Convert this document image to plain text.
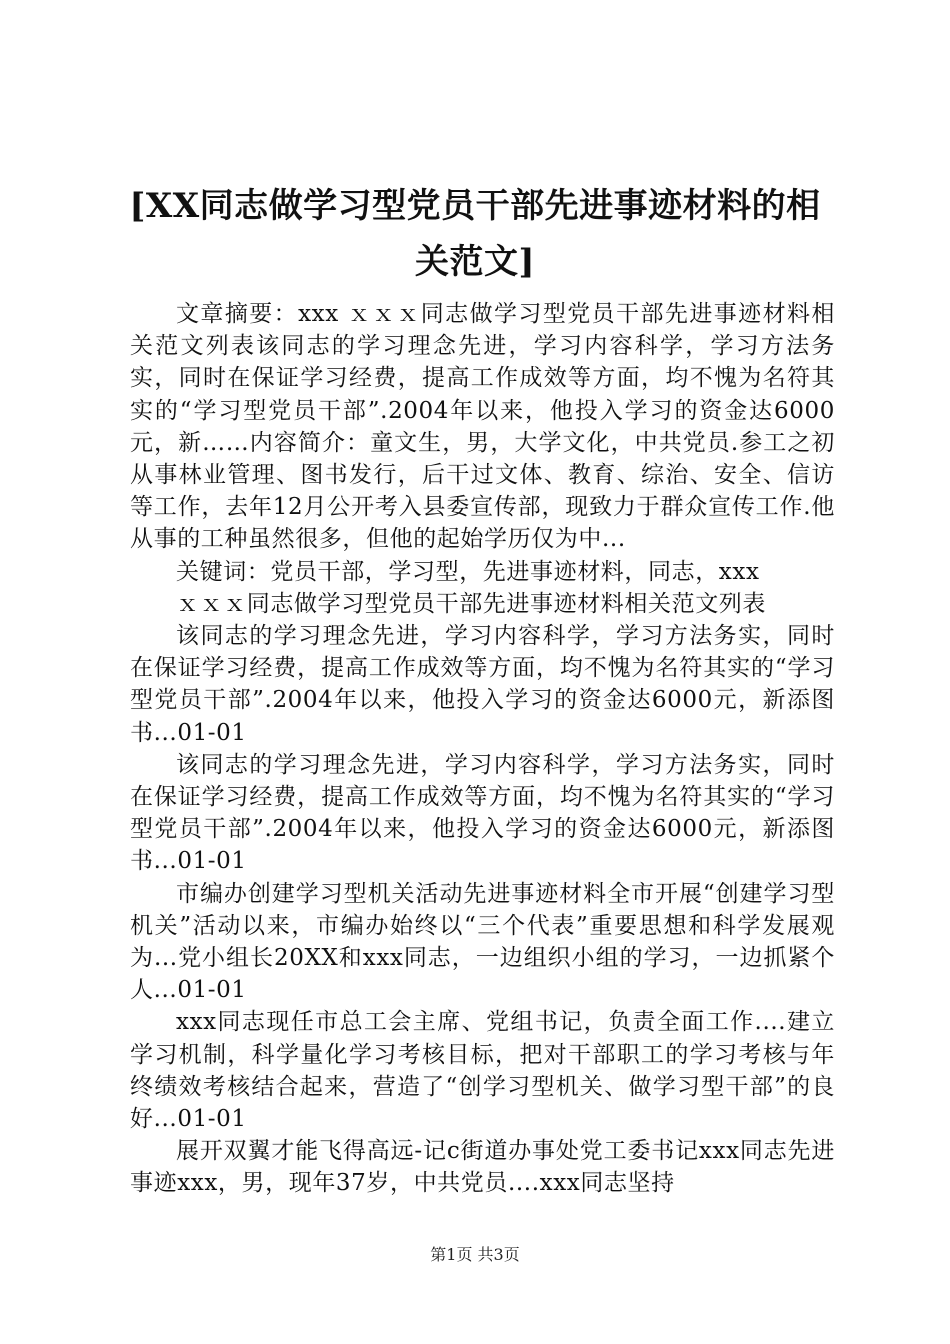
[XX同志做学习型党员干部先进事迹材料的相关范文]

文章摘要：xxx ｘｘｘ同志做学习型党员干部先进事迹材料相关范文列表该同志的学习理念先进，学习内容科学，学习方法务实，同时在保证学习经费，提高工作成效等方面，均不愧为名符其实的“学习型党员干部”.2004年以来，他投入学习的资金达6000元，新……内容简介：童文生，男，大学文化，中共党员.参工之初从事林业管理、图书发行，后干过文体、教育、综治、安全、信访等工作，去年12月公开考入县委宣传部，现致力于群众宣传工作.他从事的工种虽然很多，但他的起始学历仅为中...

关键词：党员干部，学习型，先进事迹材料，同志，xxx

ｘｘｘ同志做学习型党员干部先进事迹材料相关范文列表

该同志的学习理念先进，学习内容科学，学习方法务实，同时在保证学习经费，提高工作成效等方面，均不愧为名符其实的“学习型党员干部”.2004年以来，他投入学习的资金达6000元，新添图书...01-01

该同志的学习理念先进，学习内容科学，学习方法务实，同时在保证学习经费，提高工作成效等方面，均不愧为名符其实的“学习型党员干部”.2004年以来，他投入学习的资金达6000元，新添图书...01-01

市编办创建学习型机关活动先进事迹材料全市开展“创建学习型机关”活动以来，市编办始终以“三个代表”重要思想和科学发展观为...党小组长20XX和xxx同志，一边组织小组的学习，一边抓紧个人...01-01

xxx同志现任市总工会主席、党组书记，负责全面工作....建立学习机制，科学量化学习考核目标，把对干部职工的学习考核与年终绩效考核结合起来，营造了“创学习型机关、做学习型干部”的良好...01-01

展开双翼才能飞得高远-记c街道办事处党工委书记xxx同志先进事迹xxx，男，现年37岁，中共党员....xxx同志坚持

第1页 共3页
